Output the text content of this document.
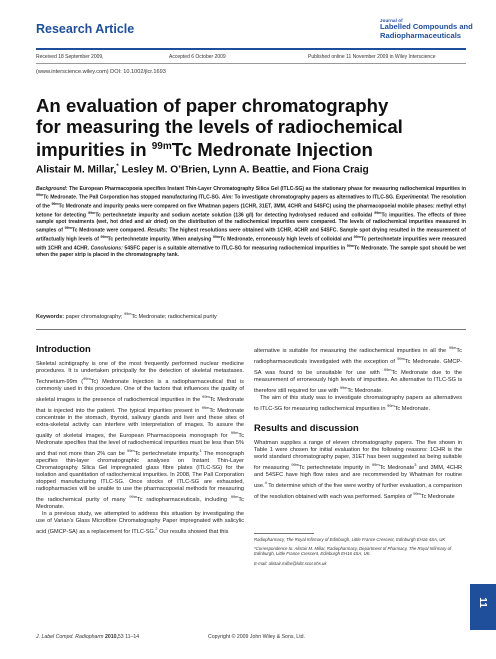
Research Article
Journal of
Labelled Compounds and
Radiopharmaceuticals
Received 18 September 2009,	Accepted 6 October 2009	Published online 11 November 2009 in Wiley Interscience
(www.interscience.wiley.com) DOI: 10.1002/jlcr.1693
An evaluation of paper chromatography
for measuring the levels of radiochemical
impurities in $^{99m}$Tc Medronate Injection
Alistair M. Millar,* Lesley M. O’Brien, Lynn A. Beattie, and Fiona Craig
Background: The European Pharmacopoeia specifies Instant Thin-Layer Chromatography Silica Gel (ITLC-SG) as the stationary phase for measuring radiochemical impurities in $^{99m}$Tc Medronate. The Pall Corporation has stopped manufacturing ITLC-SG. Aim: To investigate chromatography papers as alternatives to ITLC-SG. Experimental: The resolution of the $^{99m}$Tc Medronate and impurity peaks were compared on five Whatman papers (1CHR, 31ET, 3MM, 4CHR and 54SFC) using the pharmacopoeial mobile phases: methyl ethyl ketone for detecting $^{99m}$Tc pertechnetate impurity and sodium acetate solution (136 g/l) for detecting hydrolysed reduced and colloidal $^{99m}$Tc impurities. The effects of three sample spot treatments (wet, hot dried and air dried) on the distribution of the radiochemical impurities were compared. The levels of radiochemical impurities measured in samples of $^{99m}$Tc Medronate were compared. Results: The highest resolutions were obtained with 1CHR, 4CHR and 54SFC. Sample spot drying resulted in the measurement of artifactually high levels of $^{99m}$Tc pertechnetate impurity. When analysing $^{99m}$Tc Medronate, erroneously high levels of colloidal and $^{99m}$Tc pertechnetate impurities were measured with 1CHR and 4CHR. Conclusions: 54SFC paper is a suitable alternative to ITLC-SG for measuring radiochemical impurities in $^{99m}$Tc Medronate. The sample spot should be wet when the paper strip is placed in the chromatography tank.
Keywords: paper chromatography; $^{99m}$Tc Medronate; radiochemical purity
Introduction

Skeletal scintigraphy is one of the most frequently performed nuclear medicine procedures. It is undertaken principally for the detection of skeletal metastases. Technetium-99m ($^{99m}$Tc) Medronate Injection is a radiopharmaceutical that is commonly used in this procedure. One of the factors that influences the quality of skeletal images is the presence of radiochemical impurities in the $^{99m}$Tc Medronate that is injected into the patient. The typical impurities present in $^{99m}$Tc Medronate concentrate in the stomach, thyroid, salivary glands and liver and these sites of extra-skeletal activity can interfere with interpretation of images. To assure the quality of skeletal images, the European Pharmacopoeia monograph for $^{99m}$Tc Medronate specifies that the level of radiochemical impurities must be less than 5% and that not more than 2% can be $^{99m}$Tc pertechnetate impurity.$^1$ The monograph specifies thin-layer chromatographic analyses on Instant Thin-Layer Chromatography Silica Gel impregnated glass fibre plates (ITLC-SG) for the isolation and quantitation of radiochemical impurities. In 2008, The Pall Corporation stopped manufacturing ITLC-SG. Once stocks of ITLC-SG are exhausted, radiopharmacies will be unable to use the pharmacopoeial methods for measuring the radiochemical purity of many $^{99m}$Tc radiopharmaceuticals, including $^{99m}$Tc Medronate.

In a previous study, we attempted to address this situation by investigating the use of Varian’s Glass Microfibre Chromatography Paper impregnated with salicylic acid (GMCP-SA) as a replacement for ITLC-SG.$^2$ Our results showed that this

alternative is suitable for measuring the radiochemical impurities in all the $^{99m}$Tc radiopharmaceuticals investigated with the exception of $^{99m}$Tc Medronate. GMCP-SA was found to be unsuitable for use with $^{99m}$Tc Medronate due to the measurement of erroneously high levels of impurities. An alternative to ITLC-SG is therefore still required for use with $^{99m}$Tc Medronate.

The aim of this study was to investigate chromatography papers as alternatives to ITLC-SG for measuring radiochemical impurities in $^{99m}$Tc Medronate.

Results and discussion

Whatman supplies a range of eleven chromatography papers. The five shown in Table 1 were chosen for initial evaluation for the following reasons: 1CHR is the world standard chromatography paper, 31ET has been suggested as being suitable for measuring $^{99m}$Tc pertechnetate impurity in $^{99m}$Tc Medronate$^3$ and 3MM, 4CHR and 54SFC have high flow rates and are recommended by Whatman for routine use.$^4$ To determine which of the five were worthy of further evaluation, a comparison of the resolution obtained with each was performed. Samples of $^{99m}$Tc Medronate

Radiopharmacy, The Royal Infirmary of Edinburgh, Little France Crescent, Edinburgh EH16 4SA, UK

*Correspondence to: Alistair M. Millar, Radiopharmacy, Department of Pharmacy, The Royal Infirmary of Edinburgh, Little France Crescent, Edinburgh EH16 4SA, UK.

E-mail: alistair.millar@luht.scot.nhs.uk

J. Label Compd. Radiopharm 2010, 53 11–14	Copyright © 2009 John Wiley & Sons, Ltd.
11
